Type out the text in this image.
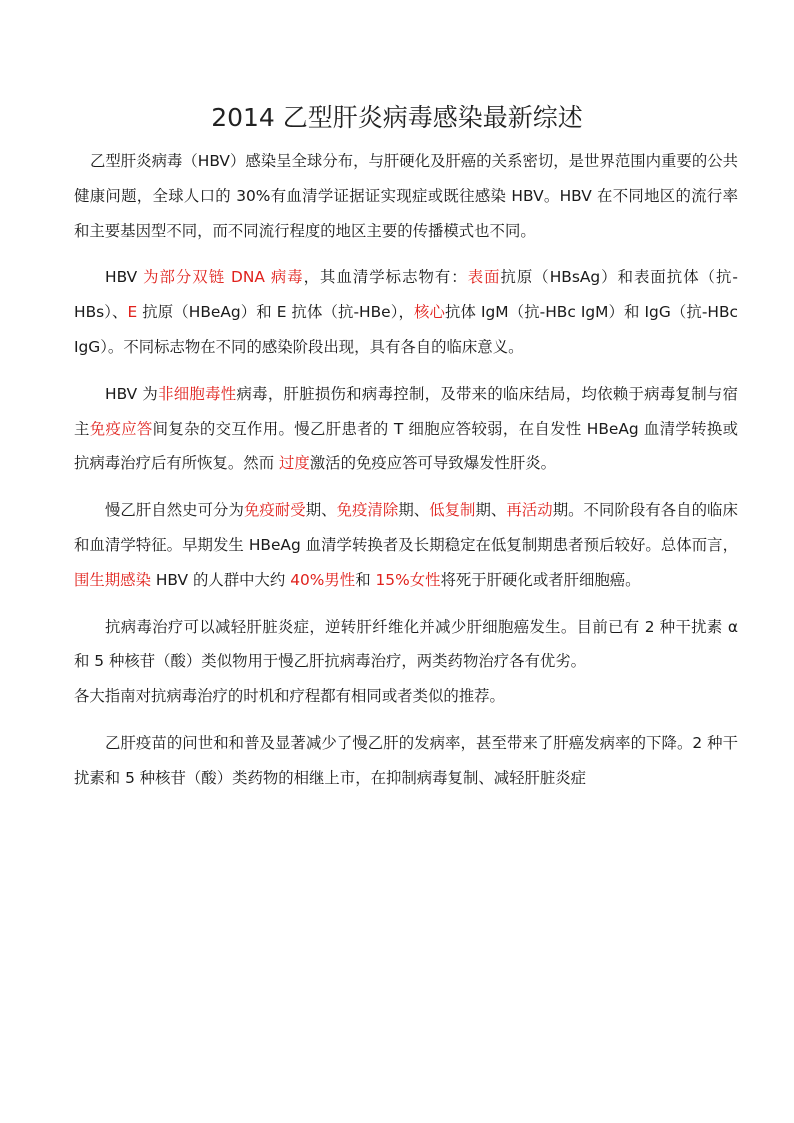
2014 乙型肝炎病毒感染最新综述

乙型肝炎病毒（HBV）感染呈全球分布，与肝硬化及肝癌的关系密切，是世界范围内重要的公共健康问题，全球人口的 30%有血清学证据证实现症或既往感染 HBV。HBV 在不同地区的流行率和主要基因型不同，而不同流行程度的地区主要的传播模式也不同。

HBV 为部分双链 DNA 病毒，其血清学标志物有：表面抗原（HBsAg）和表面抗体（抗-HBs）、E 抗原（HBeAg）和 E 抗体（抗-HBe），核心抗体 IgM（抗-HBc IgM）和 IgG（抗-HBc IgG）。不同标志物在不同的感染阶段出现，具有各自的临床意义。

HBV 为非细胞毒性病毒，肝脏损伤和病毒控制，及带来的临床结局，均依赖于病毒复制与宿主免疫应答间复杂的交互作用。慢乙肝患者的 T 细胞应答较弱，在自发性 HBeAg 血清学转换或抗病毒治疗后有所恢复。然而 过度激活的免疫应答可导致爆发性肝炎。

慢乙肝自然史可分为免疫耐受期、免疫清除期、低复制期、再活动期。不同阶段有各自的临床和血清学特征。早期发生 HBeAg 血清学转换者及长期稳定在低复制期患者预后较好。总体而言，围生期感染 HBV 的人群中大约 40%男性和 15%女性将死于肝硬化或者肝细胞癌。

抗病毒治疗可以减轻肝脏炎症，逆转肝纤维化并减少肝细胞癌发生。目前已有 2 种干扰素 α 和 5 种核苷（酸）类似物用于慢乙肝抗病毒治疗，两类药物治疗各有优劣。

各大指南对抗病毒治疗的时机和疗程都有相同或者类似的推荐。

乙肝疫苗的问世和和普及显著减少了慢乙肝的发病率，甚至带来了肝癌发病率的下降。2 种干扰素和 5 种核苷（酸）类药物的相继上市，在抑制病毒复制、减轻肝脏炎症
